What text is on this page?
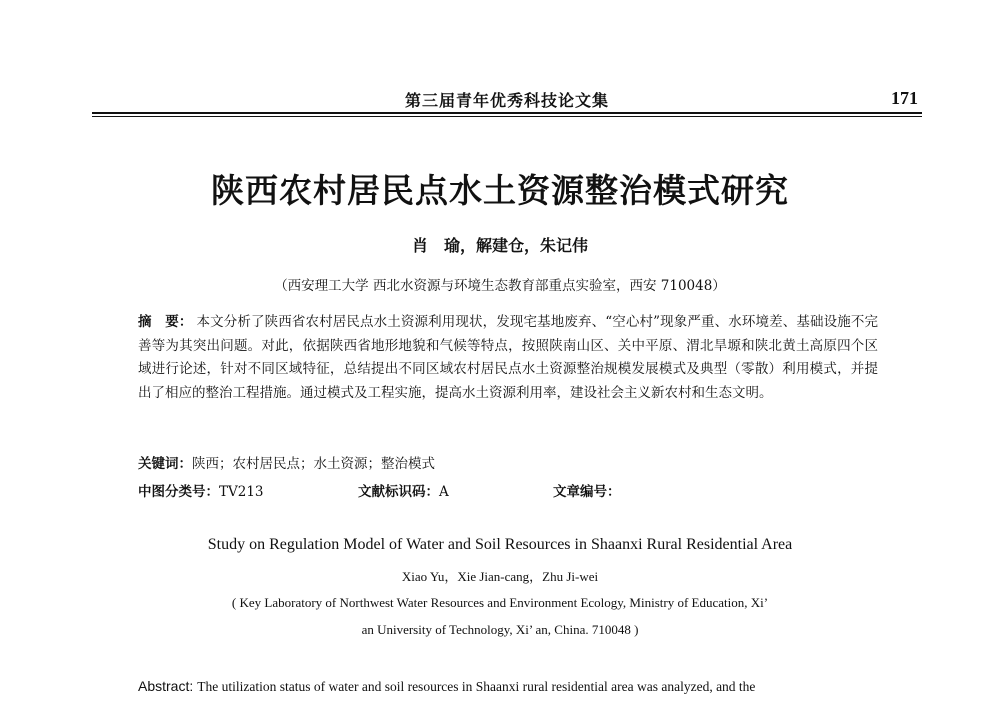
第三届青年优秀科技论文集	171
陕西农村居民点水土资源整治模式研究
肖　瑜，解建仓，朱记伟
（西安理工大学 西北水资源与环境生态教育部重点实验室，西安 710048）
摘　要： 本文分析了陕西省农村居民点水土资源利用现状，发现宅基地废弃、“空心村”现象严重、水环境差、基础设施不完善等为其突出问题。对此，依据陕西省地形地貌和气候等特点，按照陕南山区、关中平原、渭北旱塬和陕北黄土高原四个区域进行论述，针对不同区域特征，总结提出不同区域农村居民点水土资源整治规模发展模式及典型（零散）利用模式，并提出了相应的整治工程措施。通过模式及工程实施，提高水土资源利用率，建设社会主义新农村和生态文明。
关键词：陕西；农村居民点；水土资源；整治模式
中图分类号：TV213	文献标识码：A	文章编号：
Study on Regulation Model of Water and Soil Resources in Shaanxi Rural Residential Area
Xiao Yu，Xie Jian-cang，Zhu Ji-wei
( Key Laboratory of Northwest Water Resources and Environment Ecology, Ministry of Education, Xi’
an University of Technology, Xi’ an, China. 710048 )
Abstract: The utilization status of water and soil resources in Shaanxi rural residential area was analyzed, and the
